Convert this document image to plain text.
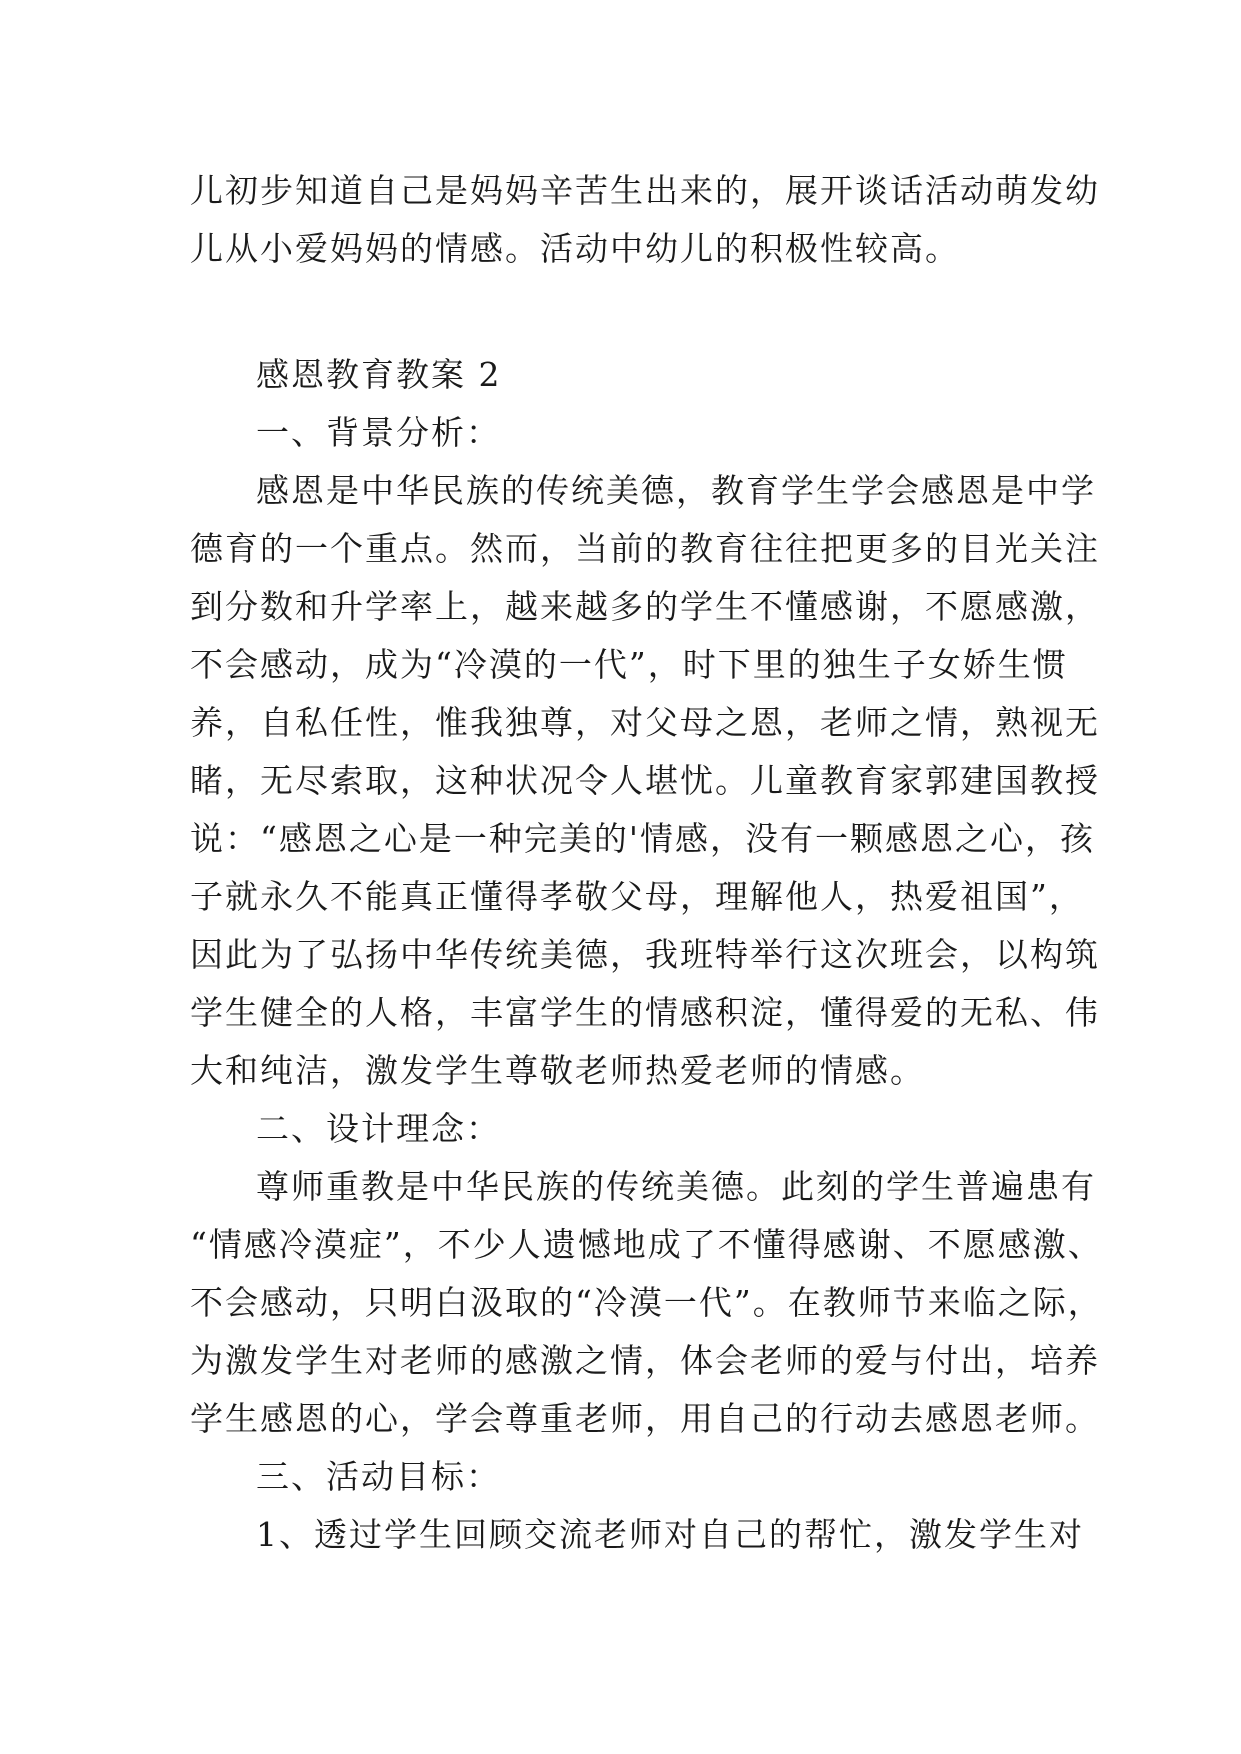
儿初步知道自己是妈妈辛苦生出来的，展开谈话活动萌发幼
儿从小爱妈妈的情感。活动中幼儿的积极性较高。
感恩教育教案 2
一、背景分析：
感恩是中华民族的传统美德，教育学生学会感恩是中学
德育的一个重点。然而，当前的教育往往把更多的目光关注
到分数和升学率上，越来越多的学生不懂感谢，不愿感激，
不会感动，成为“冷漠的一代”，时下里的独生子女娇生惯
养，自私任性，惟我独尊，对父母之恩，老师之情，熟视无
睹，无尽索取，这种状况令人堪忧。儿童教育家郭建国教授
说：“感恩之心是一种完美的'情感，没有一颗感恩之心，孩
子就永久不能真正懂得孝敬父母，理解他人，热爱祖国”，
因此为了弘扬中华传统美德，我班特举行这次班会，以构筑
学生健全的人格，丰富学生的情感积淀，懂得爱的无私、伟
大和纯洁，激发学生尊敬老师热爱老师的情感。
二、设计理念：
尊师重教是中华民族的传统美德。此刻的学生普遍患有
“情感冷漠症”，不少人遗憾地成了不懂得感谢、不愿感激、
不会感动，只明白汲取的“冷漠一代”。在教师节来临之际，
为激发学生对老师的感激之情，体会老师的爱与付出，培养
学生感恩的心，学会尊重老师，用自己的行动去感恩老师。
三、活动目标：
1、透过学生回顾交流老师对自己的帮忙，激发学生对
